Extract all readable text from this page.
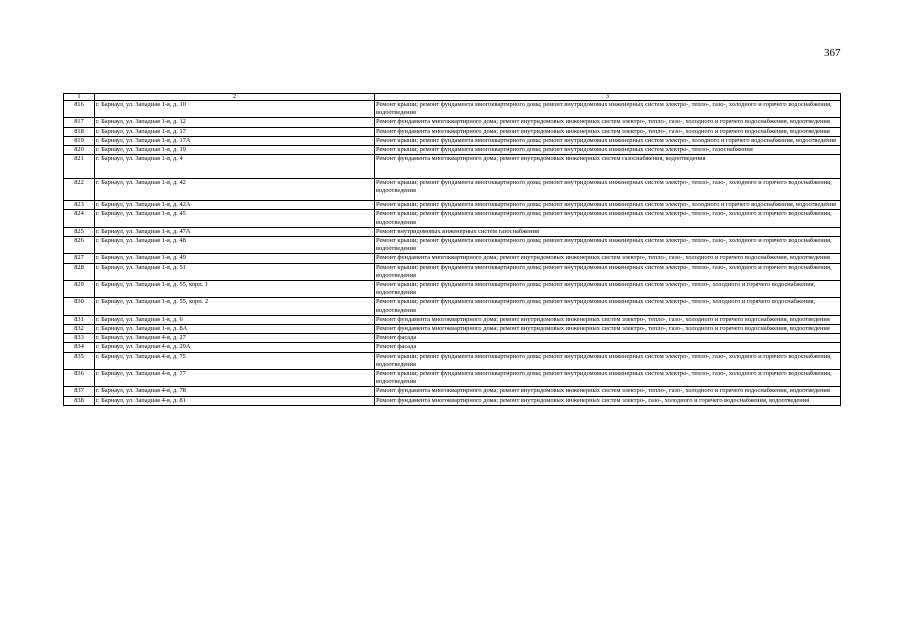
367
1	2	3
816	г. Барнаул, ул. Западная 1-я, д. 10	Ремонт крыши; ремонт фундамента многоквартирного дома; ремонт внутридомовых инженерных систем электро-, тепло-, газо-, холодного и горячего водоснабжения, водоотведения
817	г. Барнаул, ул. Западная 1-я, д. 12	Ремонт фундамента многоквартирного дома; ремонт внутридомовых инженерных систем электро-, тепло-, газо-, холодного и горячего водоснабжения, водоотведения
818	г. Барнаул, ул. Западная 1-я, д. 17	Ремонт фундамента многоквартирного дома; ремонт внутридомовых инженерных систем электро-, тепло-, газо-, холодного и горячего водоснабжения, водоотведения
819	г. Барнаул, ул. Западная 1-я, д. 17А	Ремонт крыши; ремонт фундамента многоквартирного дома; ремонт внутридомовых инженерных систем электро-, холодного и горячего водоснабжения, водоотведения
820	г. Барнаул, ул. Западная 1-я, д. 19	Ремонт крыши; ремонт фундамента многоквартирного дома; ремонт внутридомовых инженерных систем электро-, тепло-, газоснабжения
821	г. Барнаул, ул. Западная 1-я, д. 4	Ремонт фундамента многоквартирного дома; ремонт внутридомовых инженерных систем газоснабжения, водоотведения
822	г. Барнаул, ул. Западная 1-я, д. 42	Ремонт крыши; ремонт фундамента многоквартирного дома; ремонт внутридомовых инженерных систем электро-, тепло-, газо-, холодного и горячего водоснабжения, водоотведения
823	г. Барнаул, ул. Западная 1-я, д. 42А	Ремонт крыши; ремонт фундамента многоквартирного дома; ремонт внутридомовых инженерных систем электро-, холодного и горячего водоснабжения, водоотведения
824	г. Барнаул, ул. Западная 1-я, д. 45	Ремонт крыши; ремонт фундамента многоквартирного дома; ремонт внутридомовых инженерных систем электро-, тепло-, газо-, холодного и горячего водоснабжения, водоотведения
825	г. Барнаул, ул. Западная 1-я, д. 47А	Ремонт внутридомовых инженерных систем газоснабжения
826	г. Барнаул, ул. Западная 1-я, д. 48	Ремонт крыши; ремонт фундамента многоквартирного дома; ремонт внутридомовых инженерных систем электро-, тепло-, газо-, холодного и горячего водоснабжения, водоотведения
827	г. Барнаул, ул. Западная 1-я, д. 49	Ремонт фундамента многоквартирного дома; ремонт внутридомовых инженерных систем электро-, тепло-, газо-, холодного и горячего водоснабжения, водоотведения
828	г. Барнаул, ул. Западная 1-я, д. 51	Ремонт крыши; ремонт фундамента многоквартирного дома; ремонт внутридомовых инженерных систем электро-, тепло-, газо-, холодного и горячего водоснабжения, водоотведения
829	г. Барнаул, ул. Западная 1-я, д. 55, корп. 1	Ремонт крыши; ремонт фундамента многоквартирного дома; ремонт внутридомовых инженерных систем электро-, тепло-, холодного и горячего водоснабжения, водоотведения
830	г. Барнаул, ул. Западная 1-я, д. 55, корп. 2	Ремонт крыши; ремонт фундамента многоквартирного дома; ремонт внутридомовых инженерных систем электро-, тепло-, холодного и горячего водоснабжения, водоотведения
831	г. Барнаул, ул. Западная 1-я, д. 6	Ремонт фундамента многоквартирного дома; ремонт внутридомовых инженерных систем электро-, тепло-, газо-, холодного и горячего водоснабжения, водоотведения
832	г. Барнаул, ул. Западная 1-я, д. 8А	Ремонт фундамента многоквартирного дома; ремонт внутридомовых инженерных систем электро-, тепло-, газо-, холодного и горячего водоснабжения, водоотведения
833	г. Барнаул, ул. Западная 4-я, д. 27	Ремонт фасада
834	г. Барнаул, ул. Западная 4-я, д. 29А	Ремонт фасада
835	г. Барнаул, ул. Западная 4-я, д. 75	Ремонт крыши; ремонт фундамента многоквартирного дома; ремонт внутридомовых инженерных систем электро-, тепло-, газо-, холодного и горячего водоснабжения, водоотведения
836	г. Барнаул, ул. Западная 4-я, д. 77	Ремонт крыши; ремонт фундамента многоквартирного дома; ремонт внутридомовых инженерных систем электро-, тепло-, газо-, холодного и горячего водоснабжения, водоотведения
837	г. Барнаул, ул. Западная 4-я, д. 78	Ремонт фундамента многоквартирного дома; ремонт внутридомовых инженерных систем электро-, тепло-, газо-, холодного и горячего водоснабжения, водоотведения
838	г. Барнаул, ул. Западная 4-я, д. 81	Ремонт фундамента многоквартирного дома; ремонт внутридомовых инженерных систем электро-, газо-, холодного и горячего водоснабжения, водоотведения
